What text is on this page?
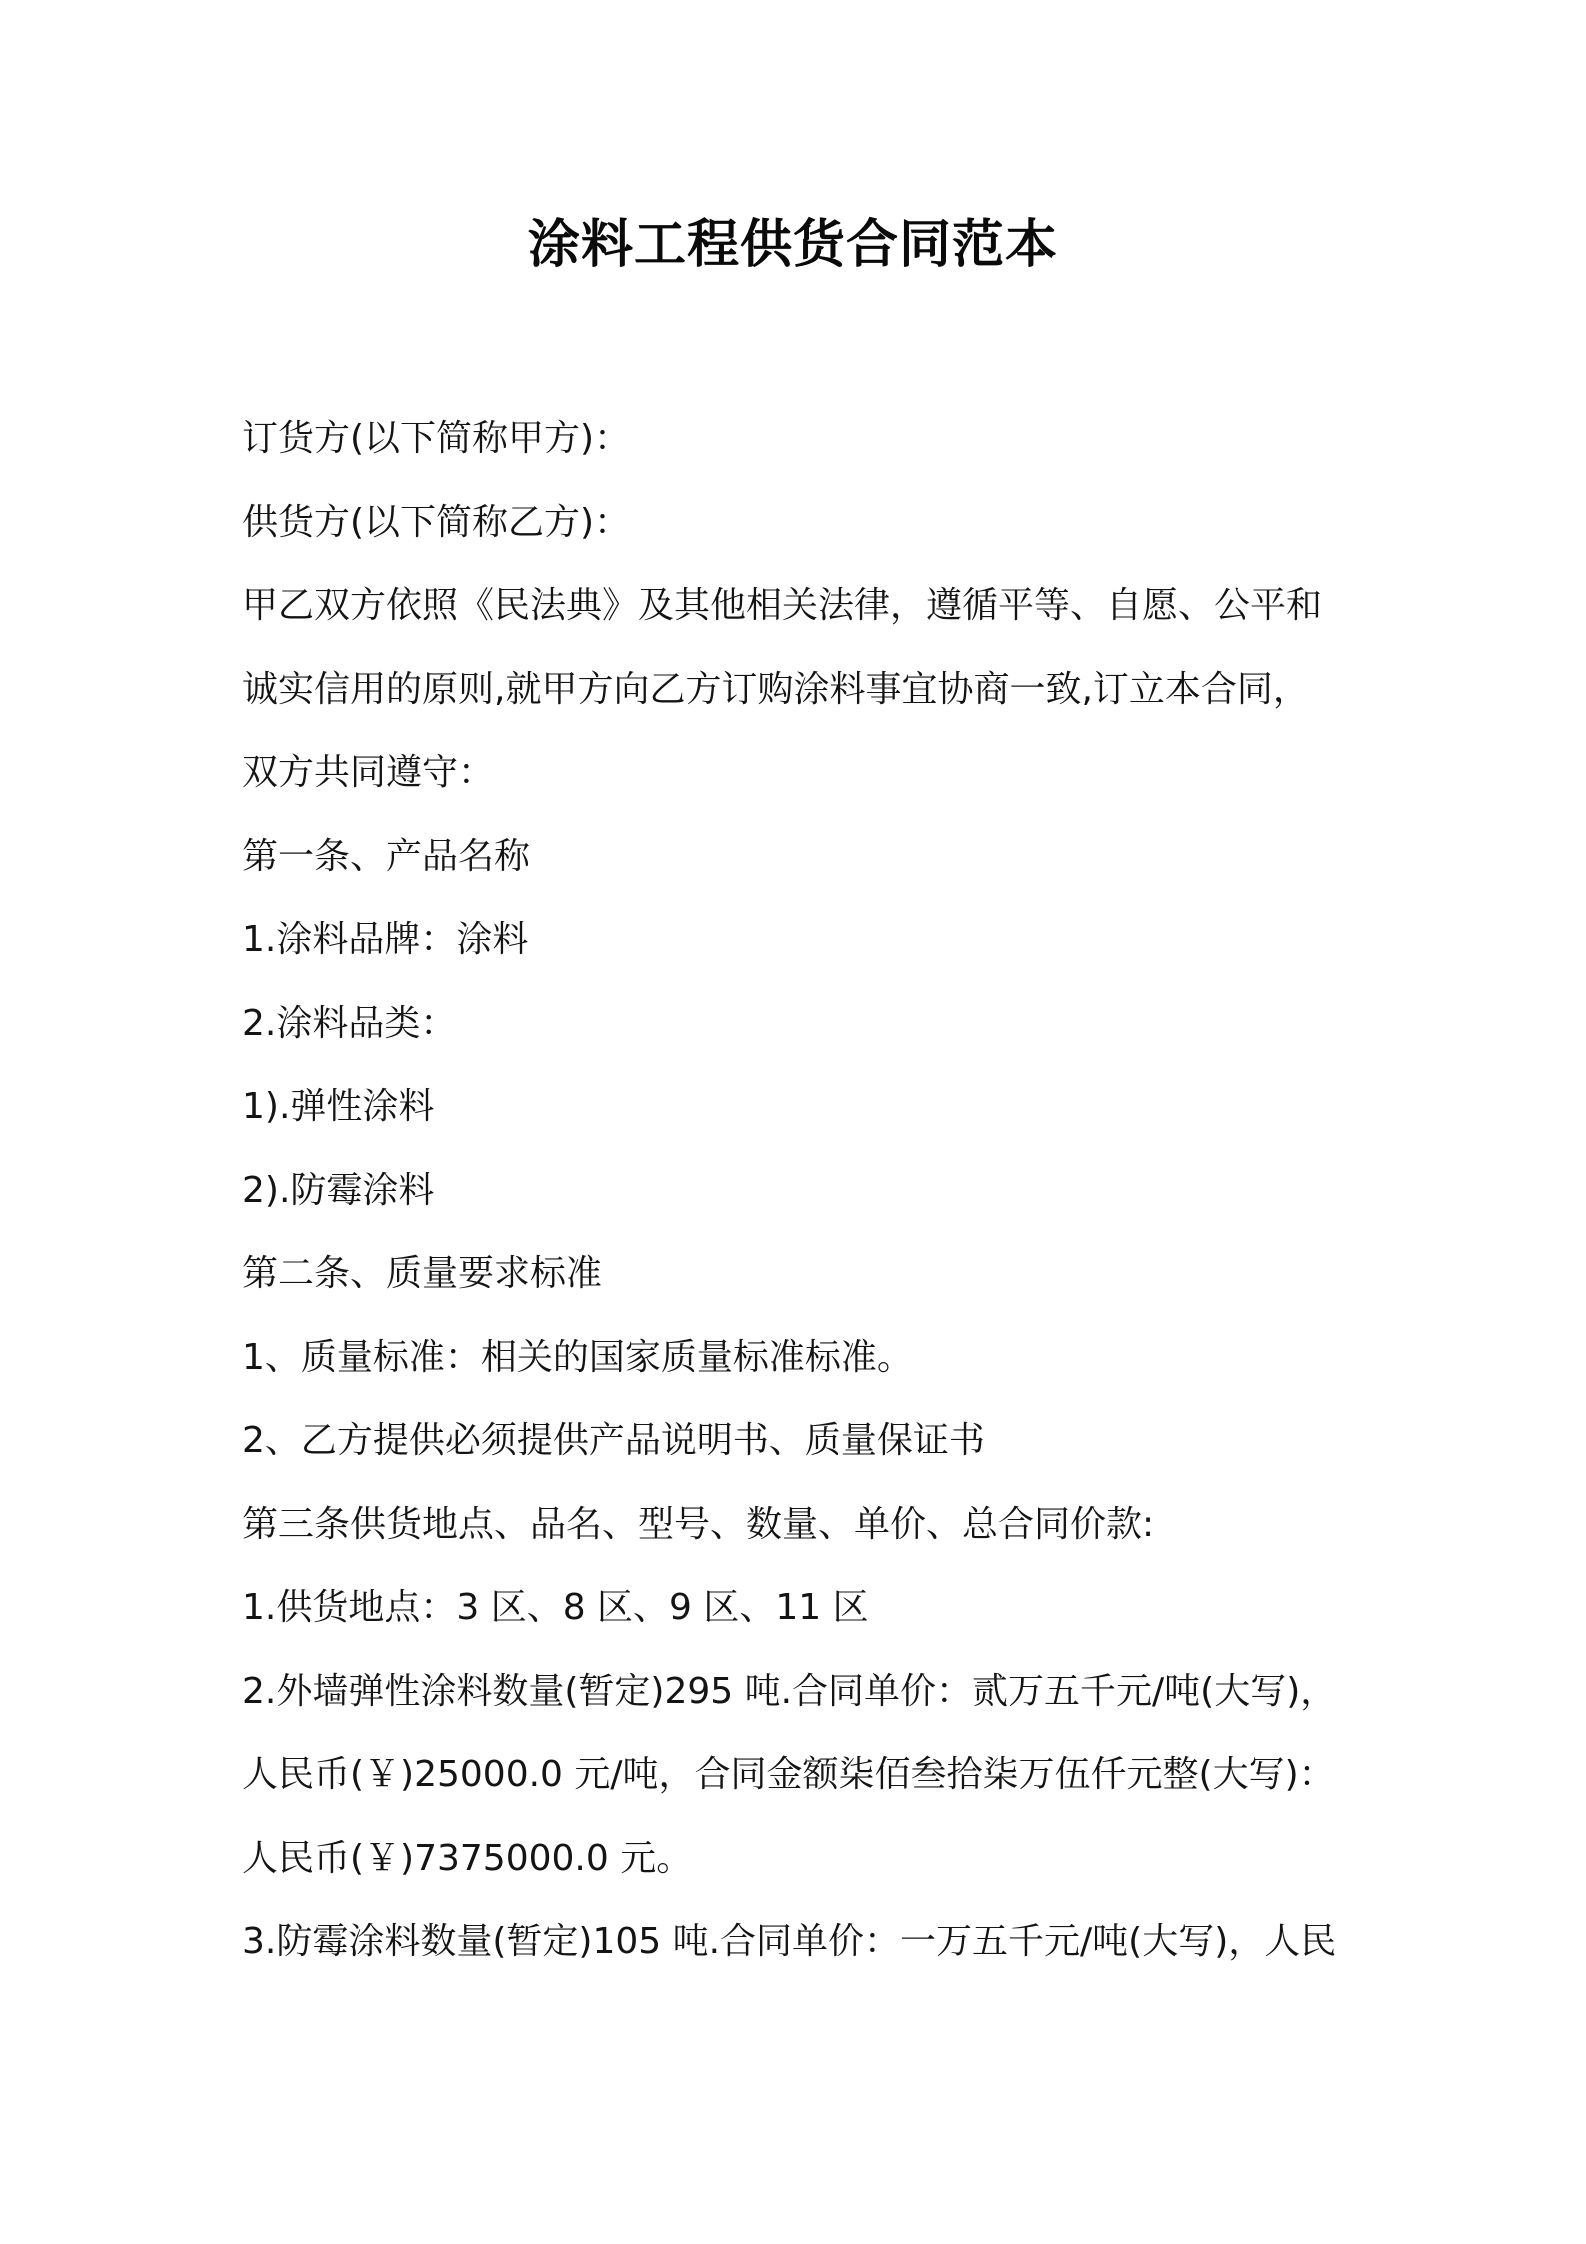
涂料工程供货合同范本
订货方(以下简称甲方)：
供货方(以下简称乙方)：
甲乙双方依照《民法典》及其他相关法律，遵循平等、自愿、公平和
诚实信用的原则,就甲方向乙方订购涂料事宜协商一致,订立本合同，
双方共同遵守：
第一条、产品名称
1.涂料品牌：涂料
2.涂料品类：
1).弹性涂料
2).防霉涂料
第二条、质量要求标准
1、质量标准：相关的国家质量标准标准。
2、乙方提供必须提供产品说明书、质量保证书
第三条供货地点、品名、型号、数量、单价、总合同价款:
1.供货地点：3 区、8 区、9 区、11 区
2.外墙弹性涂料数量(暂定)295 吨.合同单价：贰万五千元/吨(大写)，
人民币(￥)25000.0 元/吨，合同金额柒佰叁拾柒万伍仟元整(大写)：
人民币(￥)7375000.0 元。
3.防霉涂料数量(暂定)105 吨.合同单价：一万五千元/吨(大写)，人民
